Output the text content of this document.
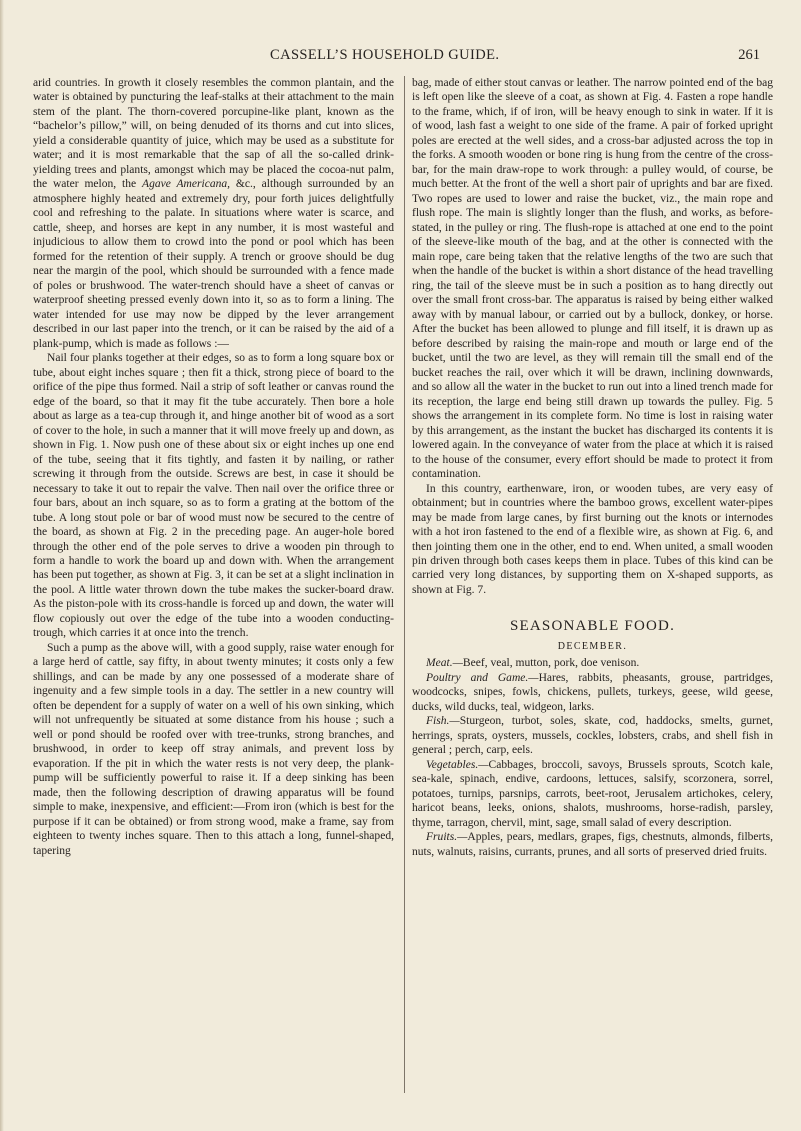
CASSELL’S HOUSEHOLD GUIDE.	261

arid countries. In growth it closely resembles the common plantain, and the water is obtained by puncturing the leaf-stalks at their attachment to the main stem of the plant. The thorn-covered porcupine-like plant, known as the “bachelor’s pillow,” will, on being denuded of its thorns and cut into slices, yield a considerable quantity of juice, which may be used as a substitute for water; and it is most remarkable that the sap of all the so-called drink-yielding trees and plants, amongst which may be placed the cocoa-nut palm, the water melon, the Agave Americana, &c., although surrounded by an atmosphere highly heated and extremely dry, pour forth juices delightfully cool and refreshing to the palate. In situations where water is scarce, and cattle, sheep, and horses are kept in any number, it is most wasteful and injudicious to allow them to crowd into the pond or pool which has been formed for the retention of their supply. A trench or groove should be dug near the margin of the pool, which should be surrounded with a fence made of poles or brushwood. The water-trench should have a sheet of canvas or waterproof sheeting pressed evenly down into it, so as to form a lining. The water intended for use may now be dipped by the lever arrangement described in our last paper into the trench, or it can be raised by the aid of a plank-pump, which is made as follows :—

Nail four planks together at their edges, so as to form a long square box or tube, about eight inches square ; then fit a thick, strong piece of board to the orifice of the pipe thus formed. Nail a strip of soft leather or canvas round the edge of the board, so that it may fit the tube accurately. Then bore a hole about as large as a tea-cup through it, and hinge another bit of wood as a sort of cover to the hole, in such a manner that it will move freely up and down, as shown in Fig. 1. Now push one of these about six or eight inches up one end of the tube, seeing that it fits tightly, and fasten it by nailing, or rather screwing it through from the outside. Screws are best, in case it should be necessary to take it out to repair the valve. Then nail over the orifice three or four bars, about an inch square, so as to form a grating at the bottom of the tube. A long stout pole or bar of wood must now be secured to the centre of the board, as shown at Fig. 2 in the preceding page. An auger-hole bored through the other end of the pole serves to drive a wooden pin through to form a handle to work the board up and down with. When the arrangement has been put together, as shown at Fig. 3, it can be set at a slight inclination in the pool. A little water thrown down the tube makes the sucker-board draw. As the piston-pole with its cross-handle is forced up and down, the water will flow copiously out over the edge of the tube into a wooden conducting-trough, which carries it at once into the trench.

Such a pump as the above will, with a good supply, raise water enough for a large herd of cattle, say fifty, in about twenty minutes; it costs only a few shillings, and can be made by any one possessed of a moderate share of ingenuity and a few simple tools in a day. The settler in a new country will often be dependent for a supply of water on a well of his own sinking, which will not unfrequently be situated at some distance from his house ; such a well or pond should be roofed over with tree-trunks, strong branches, and brushwood, in order to keep off stray animals, and prevent loss by evaporation. If the pit in which the water rests is not very deep, the plank-pump will be sufficiently powerful to raise it. If a deep sinking has been made, then the following description of drawing apparatus will be found simple to make, inexpensive, and efficient:—From iron (which is best for the purpose if it can be obtained) or from strong wood, make a frame, say from eighteen to twenty inches square. Then to this attach a long, funnel-shaped, tapering

bag, made of either stout canvas or leather. The narrow pointed end of the bag is left open like the sleeve of a coat, as shown at Fig. 4. Fasten a rope handle to the frame, which, if of iron, will be heavy enough to sink in water. If it is of wood, lash fast a weight to one side of the frame. A pair of forked upright poles are erected at the well sides, and a cross-bar adjusted across the top in the forks. A smooth wooden or bone ring is hung from the centre of the cross-bar, for the main draw-rope to work through: a pulley would, of course, be much better. At the front of the well a short pair of uprights and bar are fixed. Two ropes are used to lower and raise the bucket, viz., the main rope and flush rope. The main is slightly longer than the flush, and works, as before-stated, in the pulley or ring. The flush-rope is attached at one end to the point of the sleeve-like mouth of the bag, and at the other is connected with the main rope, care being taken that the relative lengths of the two are such that when the handle of the bucket is within a short distance of the head travelling ring, the tail of the sleeve must be in such a position as to hang directly out over the small front cross-bar. The apparatus is raised by being either walked away with by manual labour, or carried out by a bullock, donkey, or horse. After the bucket has been allowed to plunge and fill itself, it is drawn up as before described by raising the main-rope and mouth or large end of the bucket, until the two are level, as they will remain till the small end of the bucket reaches the rail, over which it will be drawn, inclining downwards, and so allow all the water in the bucket to run out into a lined trench made for its reception, the large end being still drawn up towards the pulley. Fig. 5 shows the arrangement in its complete form. No time is lost in raising water by this arrangement, as the instant the bucket has discharged its contents it is lowered again. In the conveyance of water from the place at which it is raised to the house of the consumer, every effort should be made to protect it from contamination.

In this country, earthenware, iron, or wooden tubes, are very easy of obtainment; but in countries where the bamboo grows, excellent water-pipes may be made from large canes, by first burning out the knots or internodes with a hot iron fastened to the end of a flexible wire, as shown at Fig. 6, and then jointing them one in the other, end to end. When united, a small wooden pin driven through both cases keeps them in place. Tubes of this kind can be carried very long distances, by supporting them on X-shaped supports, as shown at Fig. 7.

SEASONABLE FOOD.
DECEMBER.

Meat.—Beef, veal, mutton, pork, doe venison.

Poultry and Game.—Hares, rabbits, pheasants, grouse, partridges, woodcocks, snipes, fowls, chickens, pullets, turkeys, geese, wild geese, ducks, wild ducks, teal, widgeon, larks.

Fish.—Sturgeon, turbot, soles, skate, cod, haddocks, smelts, gurnet, herrings, sprats, oysters, mussels, cockles, lobsters, crabs, and shell fish in general ; perch, carp, eels.

Vegetables.—Cabbages, broccoli, savoys, Brussels sprouts, Scotch kale, sea-kale, spinach, endive, cardoons, lettuces, salsify, scorzonera, sorrel, potatoes, turnips, parsnips, carrots, beet-root, Jerusalem artichokes, celery, haricot beans, leeks, onions, shalots, mushrooms, horse-radish, parsley, thyme, tarragon, chervil, mint, sage, small salad of every description.

Fruits.—Apples, pears, medlars, grapes, figs, chestnuts, almonds, filberts, nuts, walnuts, raisins, currants, prunes, and all sorts of preserved dried fruits.
